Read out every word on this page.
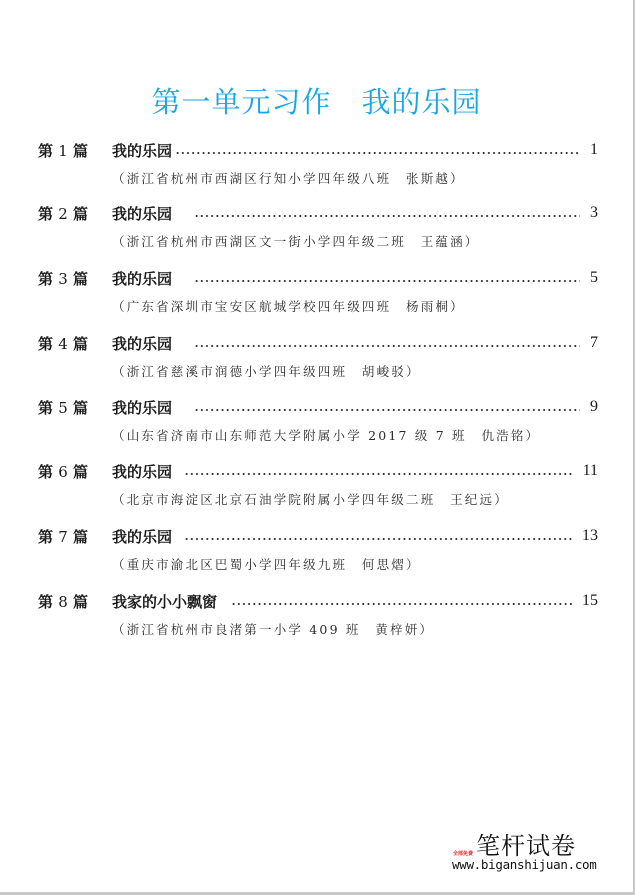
第一单元习作　我的乐园
第 1 篇	我的乐园	1
（浙江省杭州市西湖区行知小学四年级八班　张斯越）
第 2 篇	我的乐园	3
（浙江省杭州市西湖区文一街小学四年级二班　王蕴涵）
第 3 篇	我的乐园	5
（广东省深圳市宝安区航城学校四年级四班　杨雨桐）
第 4 篇	我的乐园	7
（浙江省慈溪市润德小学四年级四班　胡峻驳）
第 5 篇	我的乐园	9
（山东省济南市山东师范大学附属小学 2017 级 7 班　仇浩铭）
第 6 篇	我的乐园	11
（北京市海淀区北京石油学院附属小学四年级二班　王纪远）
第 7 篇	我的乐园	13
（重庆市渝北区巴蜀小学四年级九班　何思熠）
第 8 篇	我家的小小飘窗	15
（浙江省杭州市良渚第一小学 409 班　黄梓妍）
笔杆试卷
全部免费
www.biganshijuan.com
